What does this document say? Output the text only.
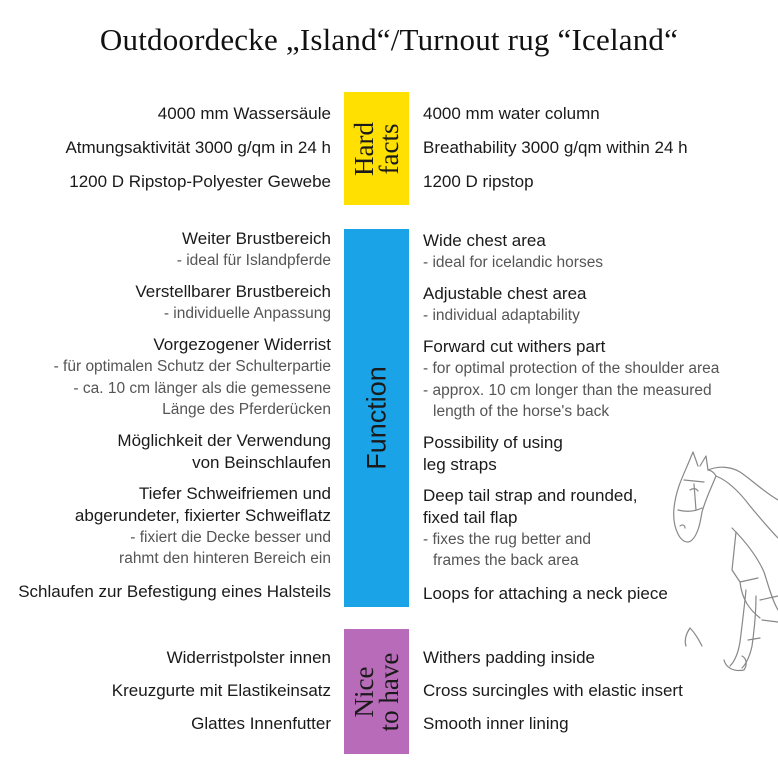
Outdoordecke „Island“/Turnout rug “Iceland“
Hard
facts
4000 mm Wassersäule
Atmungsaktivität 3000 g/qm in 24 h
1200 D Ripstop-Polyester Gewebe
4000 mm water column
Breathability 3000 g/qm within 24 h
1200 D ripstop
Function
Weiter Brustbereich
- ideal für Islandpferde
Verstellbarer Brustbereich
- individuelle Anpassung
Vorgezogener Widerrist
- für optimalen Schutz der Schulterpartie
- ca. 10 cm länger als die gemessene
Länge des Pferderücken
Möglichkeit der Verwendung
von Beinschlaufen
Tiefer Schweifriemen und
abgerundeter, fixierter Schweiflatz
- fixiert die Decke besser und
rahmt den hinteren Bereich ein
Schlaufen zur Befestigung eines Halsteils
Wide chest area
- ideal for icelandic horses
Adjustable chest area
- individual adaptability
Forward cut withers part
- for optimal protection of the shoulder area
- approx. 10 cm longer than the measured
length of the horse's back
Possibility of using
leg straps
Deep tail strap and rounded,
fixed tail flap
- fixes the rug better and
frames the back area
Loops for attaching a neck piece
Nice
to have
Widerristpolster innen
Kreuzgurte mit Elastikeinsatz
Glattes Innenfutter
Withers padding inside
Cross surcingles with elastic insert
Smooth inner lining
